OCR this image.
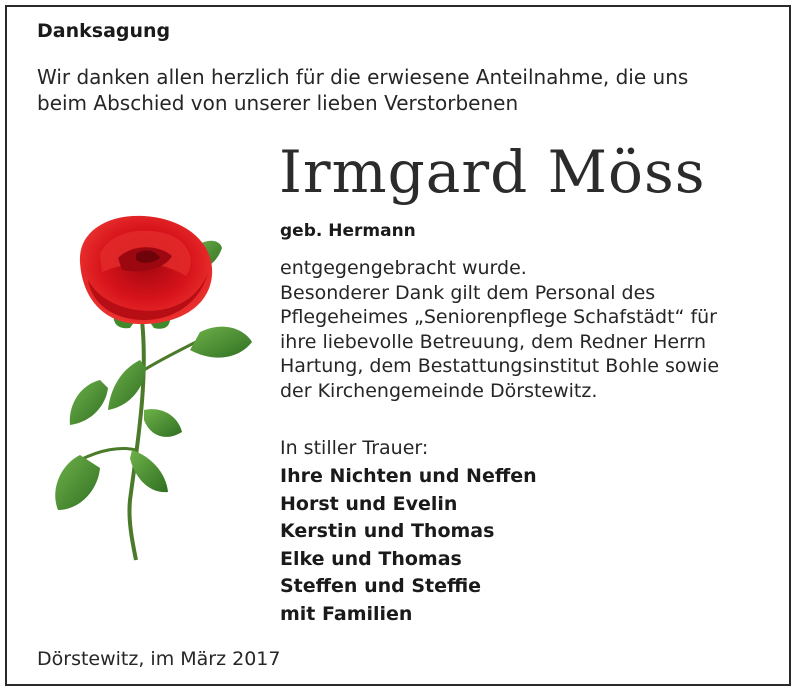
Danksagung
Wir danken allen herzlich für die erwiesene Anteilnahme, die uns
beim Abschied von unserer lieben Verstorbenen
Irmgard Möss
geb. Hermann
entgegengebracht wurde.
Besonderer Dank gilt dem Personal des
Pflegeheimes „Seniorenpflege Schafstädt“ für
ihre liebevolle Betreuung, dem Redner Herrn
Hartung, dem Bestattungsinstitut Bohle sowie
der Kirchengemeinde Dörstewitz.
In stiller Trauer:
Ihre Nichten und Neffen
Horst und Evelin
Kerstin und Thomas
Elke und Thomas
Steffen und Steffie
mit Familien
Dörstewitz, im März 2017
